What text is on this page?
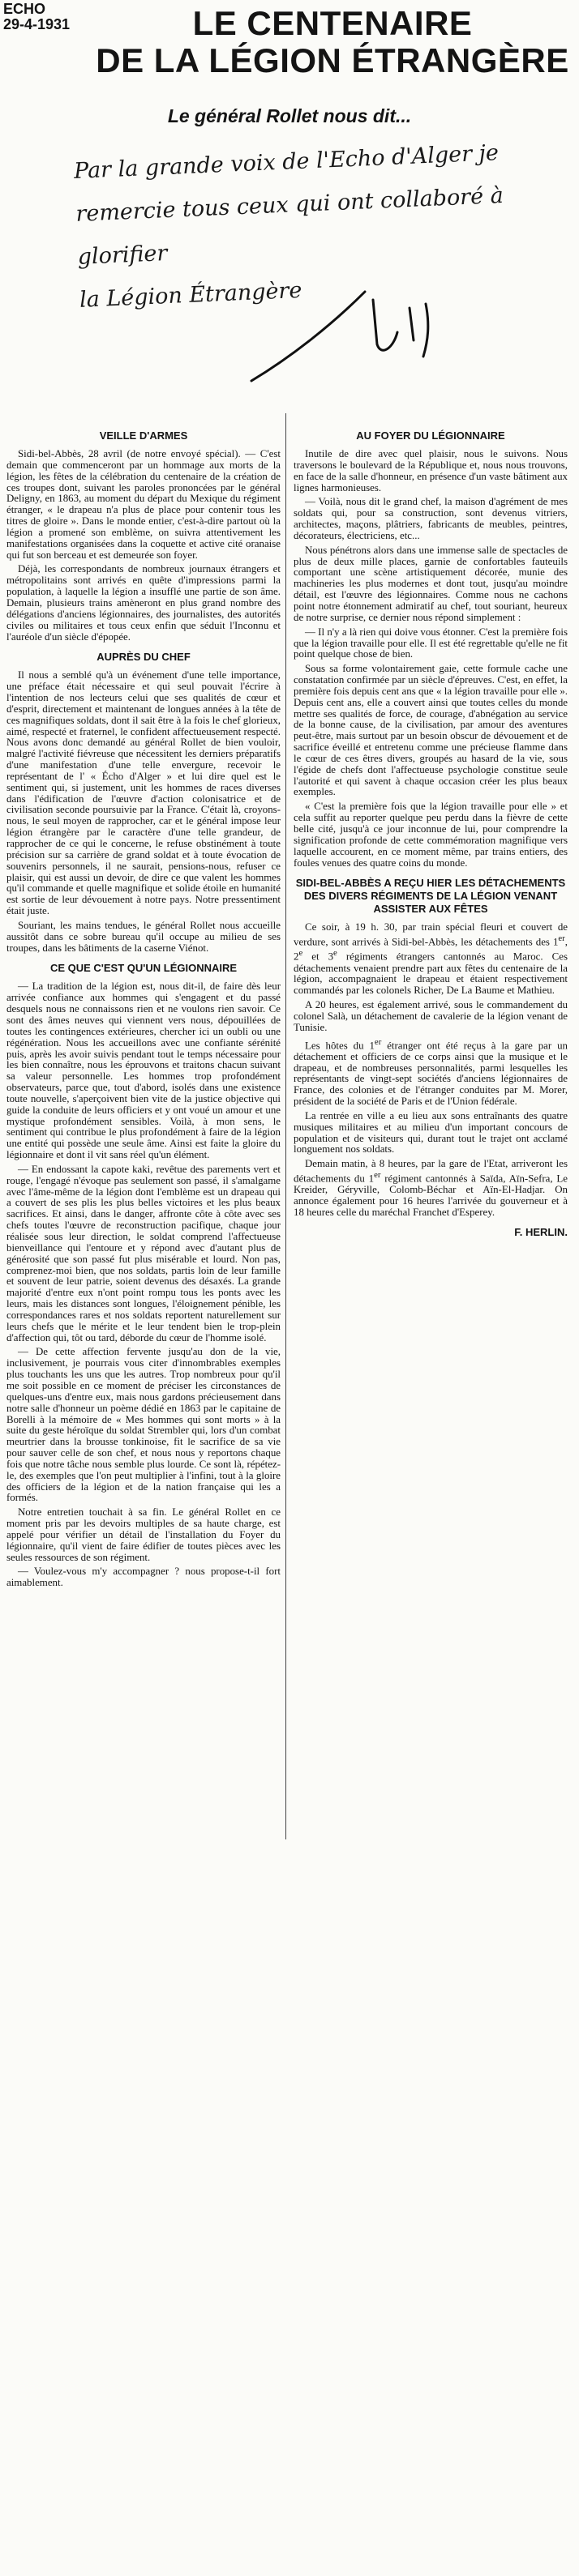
ECHO
29-4-1931	LE CENTENAIRE
DE LA LÉGION ÉTRANGÈRE
Le général Rollet nous dit...
Par la grande voix de l'Echo d'Alger je
remercie tous ceux qui ont collaboré à glorifier
la Légion Étrangère
VEILLE D'ARMES

Sidi-bel-Abbès, 28 avril (de notre envoyé spécial). — C'est demain que commenceront par un hommage aux morts de la légion, les fêtes de la célébration du centenaire de la création de ces troupes dont, suivant les paroles prononcées par le général Deligny, en 1863, au moment du départ du Mexique du régiment étranger, « le drapeau n'a plus de place pour contenir tous les titres de gloire ». Dans le monde entier, c'est-à-dire partout où la légion a promené son emblème, on suivra attentivement les manifestations organisées dans la coquette et active cité oranaise qui fut son berceau et est demeurée son foyer.

Déjà, les correspondants de nombreux journaux étrangers et métropolitains sont arrivés en quête d'impressions parmi la population, à laquelle la légion a insufflé une partie de son âme. Demain, plusieurs trains amèneront en plus grand nombre des délégations d'anciens légionnaires, des journalistes, des autorités civiles ou militaires et tous ceux enfin que séduit l'Inconnu et l'auréole d'un siècle d'épopée.

AUPRÈS DU CHEF

Il nous a semblé qu'à un événement d'une telle importance, une préface était nécessaire et qui seul pouvait l'écrire à l'intention de nos lecteurs celui que ses qualités de cœur et d'esprit, directement et maintenant de longues années à la tête de ces magnifiques soldats, dont il sait être à la fois le chef glorieux, aimé, respecté et fraternel, le confident affectueusement respecté. Nous avons donc demandé au général Rollet de bien vouloir, malgré l'activité fiévreuse que nécessitent les derniers préparatifs d'une manifestation d'une telle envergure, recevoir le représentant de l' « Écho d'Alger » et lui dire quel est le sentiment qui, si justement, unit les hommes de races diverses dans l'édification de l'œuvre d'action colonisatrice et de civilisation seconde poursuivie par la France. C'était là, croyons-nous, le seul moyen de rapprocher, car et le général impose leur légion étrangère par le caractère d'une telle grandeur, de rapprocher de ce qui le concerne, le refuse obstinément à toute précision sur sa carrière de grand soldat et à toute évocation de souvenirs personnels, il ne saurait, pensions-nous, refuser ce plaisir, qui est aussi un devoir, de dire ce que valent les hommes qu'il commande et quelle magnifique et solide étoile en humanité est sortie de leur dévouement à notre pays. Notre pressentiment était juste.

Souriant, les mains tendues, le général Rollet nous accueille aussitôt dans ce sobre bureau qu'il occupe au milieu de ses troupes, dans les bâtiments de la caserne Viénot.

CE QUE C'EST QU'UN LÉGIONNAIRE

— La tradition de la légion est, nous dit-il, de faire dès leur arrivée confiance aux hommes qui s'engagent et du passé desquels nous ne connaissons rien et ne voulons rien savoir. Ce sont des âmes neuves qui viennent vers nous, dépouillées de toutes les contingences extérieures, chercher ici un oubli ou une régénération. Nous les accueillons avec une confiante sérénité puis, après les avoir suivis pendant tout le temps nécessaire pour les bien connaître, nous les éprouvons et traitons chacun suivant sa valeur personnelle. Les hommes trop profondément observateurs, parce que, tout d'abord, isolés dans une existence toute nouvelle, s'aperçoivent bien vite de la justice objective qui guide la conduite de leurs officiers et y ont voué un amour et une mystique profondément sensibles. Voilà, à mon sens, le sentiment qui contribue le plus profondément à faire de la légion une entité qui possède une seule âme. Ainsi est faite la gloire du légionnaire et dont il vit sans réel qu'un élément.

— En endossant la capote kaki, revêtue des parements vert et rouge, l'engagé n'évoque pas seulement son passé, il s'amalgame avec l'âme-même de la légion dont l'emblème est un drapeau qui a couvert de ses plis les plus belles victoires et les plus beaux sacrifices. Et ainsi, dans le danger, affronte côte à côte avec ses chefs toutes l'œuvre de reconstruction pacifique, chaque jour réalisée sous leur direction, le soldat comprend l'affectueuse bienveillance qui l'entoure et y répond avec d'autant plus de générosité que son passé fut plus misérable et lourd. Non pas, comprenez-moi bien, que nos soldats, partis loin de leur famille et souvent de leur patrie, soient devenus des désaxés. La grande majorité d'entre eux n'ont point rompu tous les ponts avec les leurs, mais les distances sont longues, l'éloignement pénible, les correspondances rares et nos soldats reportent naturellement sur leurs chefs que le mérite et le leur tendent bien le trop-plein d'affection qui, tôt ou tard, déborde du cœur de l'homme isolé.

— De cette affection fervente jusqu'au don de la vie, inclusivement, je pourrais vous citer d'innombrables exemples plus touchants les uns que les autres. Trop nombreux pour qu'il me soit possible en ce moment de préciser les circonstances de quelques-uns d'entre eux, mais nous gardons précieusement dans notre salle d'honneur un poème dédié en 1863 par le capitaine de Borelli à la mémoire de « Mes hommes qui sont morts » à la suite du geste héroïque du soldat Strembler qui, lors d'un combat meurtrier dans la brousse tonkinoise, fit le sacrifice de sa vie pour sauver celle de son chef, et nous nous y reportons chaque fois que notre tâche nous semble plus lourde. Ce sont là, répétez-le, des exemples que l'on peut multiplier à l'infini, tout à la gloire des officiers de la légion et de la nation française qui les a formés.

Notre entretien touchait à sa fin. Le général Rollet en ce moment pris par les devoirs multiples de sa haute charge, est appelé pour vérifier un détail de l'installation du Foyer du légionnaire, qu'il vient de faire édifier de toutes pièces avec les seules ressources de son régiment.

— Voulez-vous m'y accompagner ? nous propose-t-il fort aimablement.

AU FOYER DU LÉGIONNAIRE

Inutile de dire avec quel plaisir, nous le suivons. Nous traversons le boulevard de la République et, nous nous trouvons, en face de la salle d'honneur, en présence d'un vaste bâtiment aux lignes harmonieuses.

— Voilà, nous dit le grand chef, la maison d'agrément de mes soldats qui, pour sa construction, sont devenus vitriers, architectes, maçons, plâtriers, fabricants de meubles, peintres, décorateurs, électriciens, etc...

Nous pénétrons alors dans une immense salle de spectacles de plus de deux mille places, garnie de confortables fauteuils comportant une scène artistiquement décorée, munie des machineries les plus modernes et dont tout, jusqu'au moindre détail, est l'œuvre des légionnaires. Comme nous ne cachons point notre étonnement admiratif au chef, tout souriant, heureux de notre surprise, ce dernier nous répond simplement :

— Il n'y a là rien qui doive vous étonner. C'est la première fois que la légion travaille pour elle. Il est été regrettable qu'elle ne fit point quelque chose de bien.

Sous sa forme volontairement gaie, cette formule cache une constatation confirmée par un siècle d'épreuves. C'est, en effet, la première fois depuis cent ans que « la légion travaille pour elle ». Depuis cent ans, elle a couvert ainsi que toutes celles du monde mettre ses qualités de force, de courage, d'abnégation au service de la bonne cause, de la civilisation, par amour des aventures peut-être, mais surtout par un besoin obscur de dévouement et de sacrifice éveillé et entretenu comme une précieuse flamme dans le cœur de ces êtres divers, groupés au hasard de la vie, sous l'égide de chefs dont l'affectueuse psychologie constitue seule l'autorité et qui savent à chaque occasion créer les plus beaux exemples.

« C'est la première fois que la légion travaille pour elle » et cela suffit au reporter quelque peu perdu dans la fièvre de cette belle cité, jusqu'à ce jour inconnue de lui, pour comprendre la signification profonde de cette commémoration magnifique vers laquelle accourent, en ce moment même, par trains entiers, des foules venues des quatre coins du monde.

SIDI-BEL-ABBÈS A REÇU HIER LES DÉTACHEMENTS DES DIVERS RÉGIMENTS DE LA LÉGION VENANT ASSISTER AUX FÊTES

Ce soir, à 19 h. 30, par train spécial fleuri et couvert de verdure, sont arrivés à Sidi-bel-Abbès, les détachements des 1er, 2e et 3e régiments étrangers cantonnés au Maroc. Ces détachements venaient prendre part aux fêtes du centenaire de la légion, accompagnaient le drapeau et étaient respectivement commandés par les colonels Richer, De La Baume et Mathieu.

A 20 heures, est également arrivé, sous le commandement du colonel Salà, un détachement de cavalerie de la légion venant de Tunisie.

Les hôtes du 1er étranger ont été reçus à la gare par un détachement et officiers de ce corps ainsi que la musique et le drapeau, et de nombreuses personnalités, parmi lesquelles les représentants de vingt-sept sociétés d'anciens légionnaires de France, des colonies et de l'étranger conduites par M. Morer, président de la société de Paris et de l'Union fédérale.

La rentrée en ville a eu lieu aux sons entraînants des quatre musiques militaires et au milieu d'un important concours de population et de visiteurs qui, durant tout le trajet ont acclamé longuement nos soldats.

Demain matin, à 8 heures, par la gare de l'Etat, arriveront les détachements du 1er régiment cantonnés à Saïda, Aïn-Sefra, Le Kreider, Géryville, Colomb-Béchar et Aïn-El-Hadjar. On annonce également pour 16 heures l'arrivée du gouverneur et à 18 heures celle du maréchal Franchet d'Esperey.

F. HERLIN.
